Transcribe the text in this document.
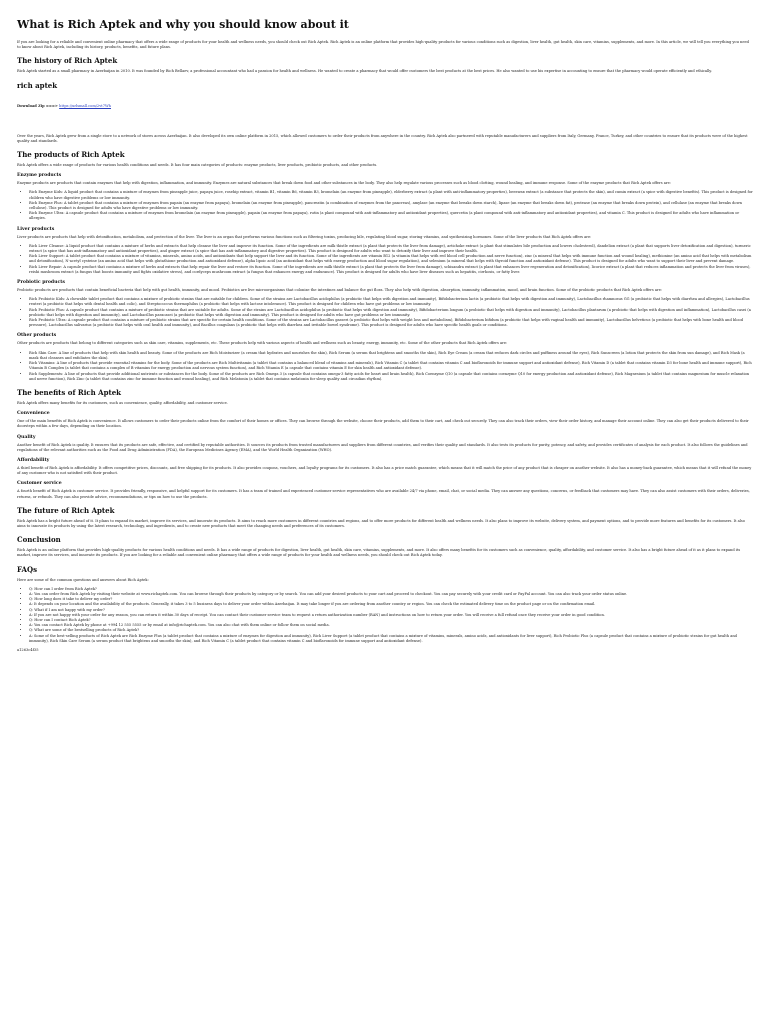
What is Rich Aptek and why you should know about it

If you are looking for a reliable and convenient online pharmacy that offers a wide range of products for your health and wellness needs, you should check out Rich Aptek. Rich Aptek is an online platform that provides high-quality products for various conditions such as digestion, liver health, gut health, skin care, vitamins, supplements, and more. In this article, we will tell you everything you need to know about Rich Aptek, including its history, products, benefits, and future plans.

The history of Rich Aptek

Rich Aptek started as a small pharmacy in Azerbaijan in 2010. It was founded by Rich Bellaev, a professional accountant who had a passion for health and wellness. He wanted to create a pharmacy that would offer customers the best products at the best prices. He also wanted to use his expertise in accounting to ensure that the pharmacy would operate efficiently and ethically.

rich aptek
Download Zip ===> https://urlsmall.com/2vt7Wh

Over the years, Rich Aptek grew from a single store to a network of stores across Azerbaijan. It also developed its own online platform in 2015, which allowed customers to order their products from anywhere in the country. Rich Aptek also partnered with reputable manufacturers and suppliers from Italy, Germany, France, Turkey, and other countries to ensure that its products were of the highest quality and standards.

The products of Rich Aptek

Rich Aptek offers a wide range of products for various health conditions and needs. It has four main categories of products: enzyme products, liver products, probiotic products, and other products.

Enzyme products

Enzyme products are products that contain enzymes that help with digestion, inflammation, and immunity. Enzymes are natural substances that break down food and other substances in the body. They also help regulate various processes such as blood clotting, wound healing, and immune response. Some of the enzyme products that Rich Aptek offers are:

• Rich Enzyme Kids: A liquid product that contains a mixture of enzymes from pineapple juice, papaya juice, rosehip extract, vitamin B1, vitamin B6, vitamin B3, bromelain (an enzyme from pineapple), elderberry extract (a plant with anti-inflammatory properties), beeswax extract (a substance that protects the skin), and cumin extract (a spice with digestive benefits). This product is designed for children who have digestive problems or low immunity.
• Rich Enzyme Plus: A tablet product that contains a mixture of enzymes from papain (an enzyme from papaya), bromelain (an enzyme from pineapple), pancreatin (a combination of enzymes from the pancreas), amylase (an enzyme that breaks down starch), lipase (an enzyme that breaks down fat), protease (an enzyme that breaks down protein), and cellulase (an enzyme that breaks down cellulose). This product is designed for adults who have digestive problems or low immunity.
• Rich Enzyme Ultra: A capsule product that contains a mixture of enzymes from bromelain (an enzyme from pineapple), papain (an enzyme from papaya), rutin (a plant compound with anti-inflammatory and antioxidant properties), quercetin (a plant compound with anti-inflammatory and antioxidant properties), and vitamin C. This product is designed for adults who have inflammation or allergies.
Liver products

Liver products are products that help with detoxification, metabolism, and protection of the liver. The liver is an organ that performs various functions such as filtering toxins, producing bile, regulating blood sugar, storing vitamins, and synthesizing hormones. Some of the liver products that Rich Aptek offers are:

• Rich Liver Cleanse: A liquid product that contains a mixture of herbs and extracts that help cleanse the liver and improve its function. Some of the ingredients are milk thistle extract (a plant that protects the liver from damage), artichoke extract (a plant that stimulates bile production and lowers cholesterol), dandelion extract (a plant that supports liver detoxification and digestion), turmeric extract (a spice that has anti-inflammatory and antioxidant properties), and ginger extract (a spice that has anti-inflammatory and digestive properties). This product is designed for adults who want to detoxify their liver and improve their health.
• Rich Liver Support: A tablet product that contains a mixture of vitamins, minerals, amino acids, and antioxidants that help support the liver and its function. Some of the ingredients are vitamin B12 (a vitamin that helps with red blood cell production and nerve function), zinc (a mineral that helps with immune function and wound healing), methionine (an amino acid that helps with metabolism and detoxification), N-acetyl cysteine (an amino acid that helps with glutathione production and antioxidant defense), alpha lipoic acid (an antioxidant that helps with energy production and blood sugar regulation), and selenium (a mineral that helps with thyroid function and antioxidant defense). This product is designed for adults who want to support their liver and prevent damage.
• Rich Liver Repair: A capsule product that contains a mixture of herbs and extracts that help repair the liver and restore its function. Some of the ingredients are milk thistle extract (a plant that protects the liver from damage), schisandra extract (a plant that enhances liver regeneration and detoxification), licorice extract (a plant that reduces inflammation and protects the liver from viruses), reishi mushroom extract (a fungus that boosts immunity and fights oxidative stress), and cordyceps mushroom extract (a fungus that enhances energy and endurance). This product is designed for adults who have liver diseases such as hepatitis, cirrhosis, or fatty liver.
Probiotic products

Probiotic products are products that contain beneficial bacteria that help with gut health, immunity, and mood. Probiotics are live microorganisms that colonize the intestines and balance the gut flora. They also help with digestion, absorption, immunity, inflammation, mood, and brain function. Some of the probiotic products that Rich Aptek offers are:

• Rich Probiotic Kids: A chewable tablet product that contains a mixture of probiotic strains that are suitable for children. Some of the strains are Lactobacillus acidophilus (a probiotic that helps with digestion and immunity), Bifidobacterium lactis (a probiotic that helps with digestion and immunity), Lactobacillus rhamnosus GG (a probiotic that helps with diarrhea and allergies), Lactobacillus reuteri (a probiotic that helps with dental health and colic), and Streptococcus thermophilus (a probiotic that helps with lactose intolerance). This product is designed for children who have gut problems or low immunity.
• Rich Probiotic Plus: A capsule product that contains a mixture of probiotic strains that are suitable for adults. Some of the strains are Lactobacillus acidophilus (a probiotic that helps with digestion and immunity), Bifidobacterium longum (a probiotic that helps with digestion and immunity), Lactobacillus plantarum (a probiotic that helps with digestion and inflammation), Lactobacillus casei (a probiotic that helps with digestion and immunity), and Lactobacillus paracasei (a probiotic that helps with digestion and immunity). This product is designed for adults who have gut problems or low immunity.
• Rich Probiotic Ultra: A capsule product that contains a mixture of probiotic strains that are specific for certain health conditions. Some of the strains are Lactobacillus gasseri (a probiotic that helps with weight loss and metabolism), Bifidobacterium bifidum (a probiotic that helps with vaginal health and immunity), Lactobacillus helveticus (a probiotic that helps with bone health and blood pressure), Lactobacillus salivarius (a probiotic that helps with oral health and immunity), and Bacillus coagulans (a probiotic that helps with diarrhea and irritable bowel syndrome). This product is designed for adults who have specific health goals or conditions.
Other products

Other products are products that belong to different categories such as skin care, vitamins, supplements, etc. These products help with various aspects of health and wellness such as beauty, energy, immunity, etc. Some of the other products that Rich Aptek offers are:

• Rich Skin Care: A line of products that help with skin health and beauty. Some of the products are Rich Moisturizer (a cream that hydrates and nourishes the skin), Rich Serum (a serum that brightens and smooths the skin), Rich Eye Cream (a cream that reduces dark circles and puffiness around the eyes), Rich Sunscreen (a lotion that protects the skin from sun damage), and Rich Mask (a mask that cleanses and exfoliates the skin).
• Rich Vitamins: A line of products that provide essential vitamins for the body. Some of the products are Rich Multivitamin (a tablet that contains a balanced blend of vitamins and minerals), Rich Vitamin C (a tablet that contains vitamin C and bioflavonoids for immune support and antioxidant defense), Rich Vitamin D (a tablet that contains vitamin D3 for bone health and immune support), Rich Vitamin B Complex (a tablet that contains a complex of B vitamins for energy production and nervous system function), and Rich Vitamin E (a capsule that contains vitamin E for skin health and antioxidant defense).
• Rich Supplements: A line of products that provide additional nutrients or substances for the body. Some of the products are Rich Omega 3 (a capsule that contains omega-3 fatty acids for heart and brain health), Rich Coenzyme Q10 (a capsule that contains coenzyme Q10 for energy production and antioxidant defense), Rich Magnesium (a tablet that contains magnesium for muscle relaxation and nerve function), Rich Zinc (a tablet that contains zinc for immune function and wound healing), and Rich Melatonin (a tablet that contains melatonin for sleep quality and circadian rhythm).
The benefits of Rich Aptek

Rich Aptek offers many benefits for its customers, such as convenience, quality, affordability, and customer service.

Convenience

One of the main benefits of Rich Aptek is convenience. It allows customers to order their products online from the comfort of their homes or offices. They can browse through the website, choose their products, add them to their cart, and check out securely. They can also track their orders, view their order history, and manage their account online. They can also get their products delivered to their doorsteps within a few days, depending on their location.

Quality

Another benefit of Rich Aptek is quality. It ensures that its products are safe, effective, and certified by reputable authorities. It sources its products from trusted manufacturers and suppliers from different countries, and verifies their quality and standards. It also tests its products for purity, potency, and safety, and provides certificates of analysis for each product. It also follows the guidelines and regulations of the relevant authorities such as the Food and Drug Administration (FDA), the European Medicines Agency (EMA), and the World Health Organization (WHO).

Affordability

A third benefit of Rich Aptek is affordability. It offers competitive prices, discounts, and free shipping for its products. It also provides coupons, vouchers, and loyalty programs for its customers. It also has a price match guarantee, which means that it will match the price of any product that is cheaper on another website. It also has a money-back guarantee, which means that it will refund the money of any customer who is not satisfied with their product.

Customer service

A fourth benefit of Rich Aptek is customer service. It provides friendly, responsive, and helpful support for its customers. It has a team of trained and experienced customer service representatives who are available 24/7 via phone, email, chat, or social media. They can answer any questions, concerns, or feedback that customers may have. They can also assist customers with their orders, deliveries, returns, or refunds. They can also provide advice, recommendations, or tips on how to use the products.

The future of Rich Aptek

Rich Aptek has a bright future ahead of it. It plans to expand its market, improve its services, and innovate its products. It aims to reach more customers in different countries and regions, and to offer more products for different health and wellness needs. It also plans to improve its website, delivery system, and payment options, and to provide more features and benefits for its customers. It also aims to innovate its products by using the latest research, technology, and ingredients, and to create new products that meet the changing needs and preferences of its customers.

Conclusion

Rich Aptek is an online platform that provides high-quality products for various health conditions and needs. It has a wide range of products for digestion, liver health, gut health, skin care, vitamins, supplements, and more. It also offers many benefits for its customers such as convenience, quality, affordability, and customer service. It also has a bright future ahead of it as it plans to expand its market, improve its services, and innovate its products. If you are looking for a reliable and convenient online pharmacy that offers a wide range of products for your health and wellness needs, you should check out Rich Aptek today.

FAQs

Here are some of the common questions and answers about Rich Aptek:

• Q: How can I order from Rich Aptek?
• A: You can order from Rich Aptek by visiting their website at www.richaptek.com. You can browse through their products by category or by search. You can add your desired products to your cart and proceed to checkout. You can pay securely with your credit card or PayPal account. You can also track your order status online.
• Q: How long does it take to deliver my order?
• A: It depends on your location and the availability of the products. Generally, it takes 3 to 5 business days to deliver your order within Azerbaijan. It may take longer if you are ordering from another country or region. You can check the estimated delivery time on the product page or on the confirmation email.
• Q: What if I am not happy with my order?
• A: If you are not happy with your order for any reason, you can return it within 30 days of receipt. You can contact their customer service team to request a return authorization number (RAN) and instructions on how to return your order. You will receive a full refund once they receive your order in good condition.
• Q: How can I contact Rich Aptek?
• A: You can contact Rich Aptek by phone at +994 12 555 5555 or by email at info@richaptek.com. You can also chat with them online or follow them on social media.
• Q: What are some of the bestselling products of Rich Aptek?
• A: Some of the best-selling products of Rich Aptek are Rich Enzyme Plus (a tablet product that contains a mixture of enzymes for digestion and immunity), Rich Liver Support (a tablet product that contains a mixture of vitamins, minerals, amino acids, and antioxidants for liver support), Rich Probiotic Plus (a capsule product that contains a mixture of probiotic strains for gut health and immunity), Rich Skin Care Serum (a serum product that brightens and smooths the skin), and Rich Vitamin C (a tablet product that contains vitamin C and bioflavonoids for immune support and antioxidant defense).
a1263c4f35
